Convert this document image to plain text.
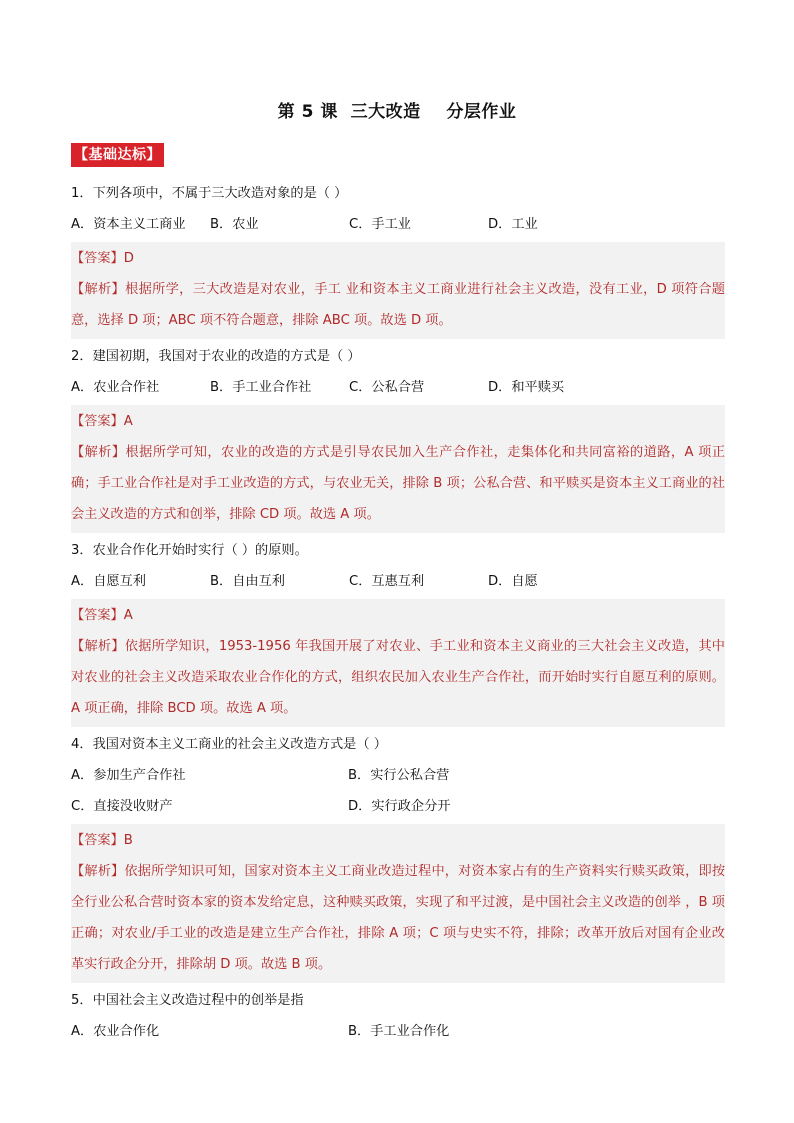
第 5 课  三大改造    分层作业
【基础达标】
1．下列各项中，不属于三大改造对象的是（ ）
A．资本主义工商业	B．农业	C．手工业	D．工业
【答案】D
【解析】根据所学，三大改造是对农业，手工 业和资本主义工商业进行社会主义改造，没有工业，D 项符合题意，选择 D 项；ABC 项不符合题意，排除 ABC 项。故选 D 项。
2．建国初期，我国对于农业的改造的方式是（ ）
A．农业合作社	B．手工业合作社	C．公私合营	D．和平赎买
【答案】A
【解析】根据所学可知，农业的改造的方式是引导农民加入生产合作社，走集体化和共同富裕的道路，A 项正确；手工业合作社是对手工业改造的方式，与农业无关，排除 B 项；公私合营、和平赎买是资本主义工商业的社会主义改造的方式和创举，排除 CD 项。故选 A 项。
3．农业合作化开始时实行（ ）的原则。
A．自愿互利	B．自由互利	C．互惠互利	D．自愿
【答案】A
【解析】依据所学知识，1953-1956 年我国开展了对农业、手工业和资本主义商业的三大社会主义改造，其中对农业的社会主义改造采取农业合作化的方式，组织农民加入农业生产合作社，而开始时实行自愿互利的原则。A 项正确，排除 BCD 项。故选 A 项。
4．我国对资本主义工商业的社会主义改造方式是（ ）
A．参加生产合作社	B．实行公私合营
C．直接没收财产	D．实行政企分开
【答案】B
【解析】依据所学知识可知，国家对资本主义工商业改造过程中，对资本家占有的生产资料实行赎买政策，即按全行业公私合营时资本家的资本发给定息，这种赎买政策，实现了和平过渡，是中国社会主义改造的创举 ，B 项正确；对农业/手工业的改造是建立生产合作社，排除 A 项；C 项与史实不符，排除；改革开放后对国有企业改革实行政企分开，排除胡 D 项。故选 B 项。
5．中国社会主义改造过程中的创举是指
A．农业合作化	B．手工业合作化
